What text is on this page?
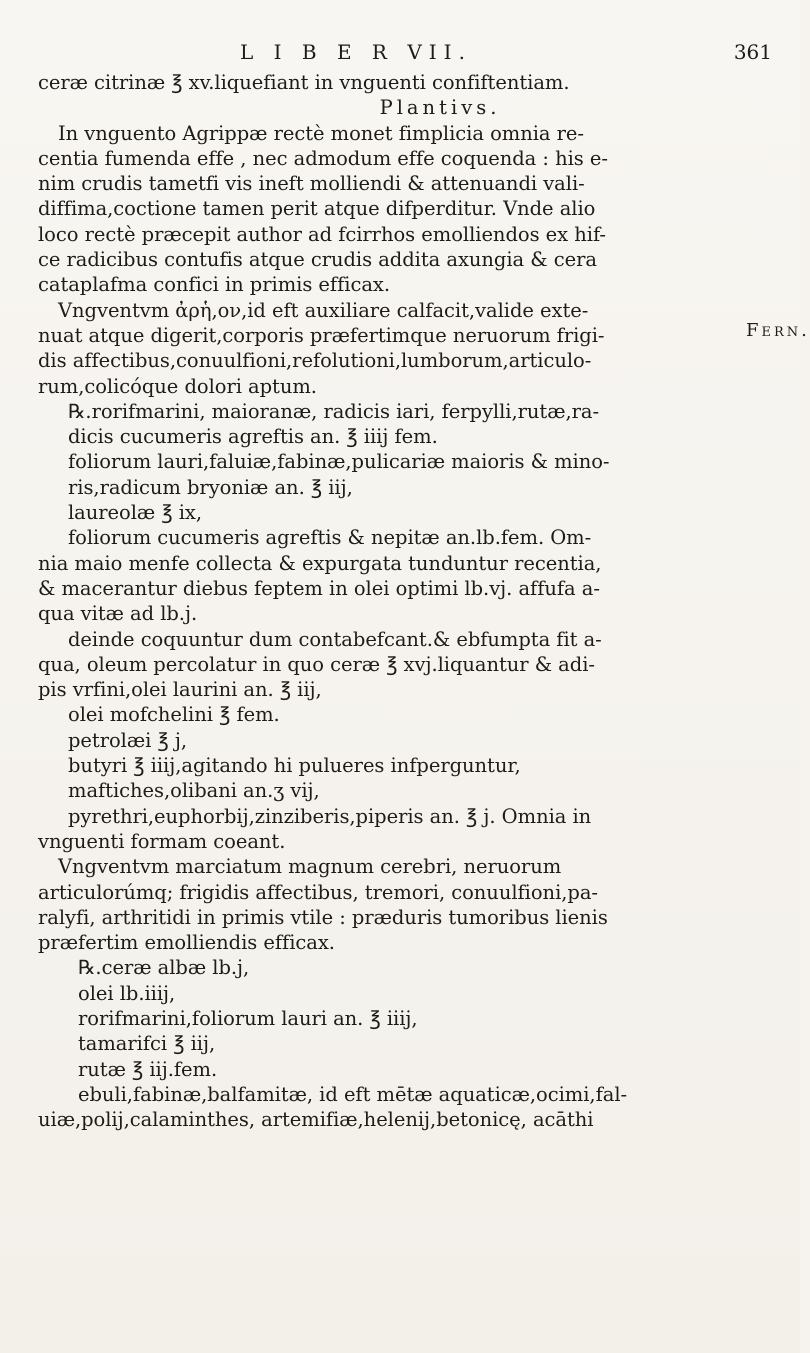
L I B E R VII.	361
Fern.
ceræ citrinæ ℥ xv.liquefiant in vnguenti confiftentiam.
Plantivs.
In vnguento Agrippæ rectè monet fimplicia omnia re-
centia fumenda effe , nec admodum effe coquenda : his e-
nim crudis tametfi vis ineft molliendi & attenuandi vali-
diffima,coctione tamen perit atque difperditur. Vnde alio
loco rectè præcepit author ad fcirrhos emolliendos ex hif-
ce radicibus contufis atque crudis addita axungia & cera
cataplafma confici in primis efficax.
Vngventvm ἀρἡ,ον,id eft auxiliare calfacit,valide exte-
nuat atque digerit,corporis præfertimque neruorum frigi-
dis affectibus,conuulfioni,refolutioni,lumborum,articulo-
rum,colicóque dolori aptum.
℞.rorifmarini, maioranæ, radicis iari, ferpylli,rutæ,ra-
dicis cucumeris agreftis an. ℥ iiij fem.
foliorum lauri,faluiæ,fabinæ,pulicariæ maioris & mino-
ris,radicum bryoniæ an. ℥ iij,
laureolæ ℥ ix,
foliorum cucumeris agreftis & nepitæ an.lb.fem. Om-
nia maio menfe collecta & expurgata tunduntur recentia,
& macerantur diebus feptem in olei optimi lb.vj. affufa a-
qua vitæ ad lb.j.
deinde coquuntur dum contabefcant.& ebfumpta fit a-
qua, oleum percolatur in quo ceræ ℥ xvj.liquantur & adi-
pis vrfini,olei laurini an. ℥ iij,
olei mofchelini ℥ fem.
petrolæi ℥ j,
butyri ℥ iiij,agitando hi pulueres infperguntur,
maftiches,olibani an.ʒ vij,
pyrethri,euphorbij,zinziberis,piperis an. ℥ j. Omnia in
vnguenti formam coeant.
Vngventvm marciatum magnum cerebri, neruorum
articulorúmq; frigidis affectibus, tremori, conuulfioni,pa-
ralyfi, arthritidi in primis vtile : præduris tumoribus lienis
præfertim emolliendis efficax.
℞.ceræ albæ lb.j,
olei lb.iiij,
rorifmarini,foliorum lauri an. ℥ iiij,
tamarifci ℥ iij,
rutæ ℥ iij.fem.
ebuli,fabinæ,balfamitæ, id eft mētæ aquaticæ,ocimi,fal-
uiæ,polij,calaminthes, artemifiæ,helenij,betonicę, acāthi
